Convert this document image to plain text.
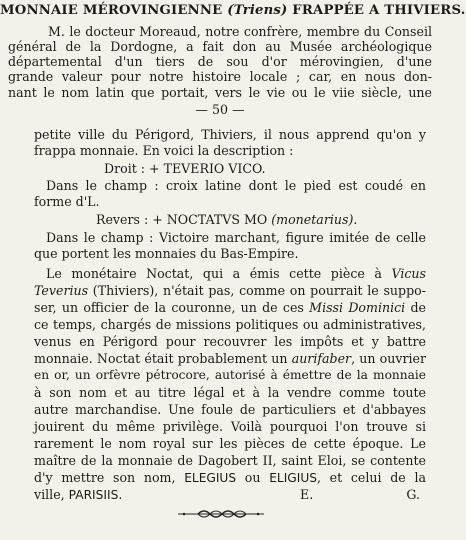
MONNAIE MÉROVINGIENNE (Triens) FRAPPÉE A THIVIERS.
M. le docteur Moreaud, notre confrère, membre du Conseil
général de la Dordogne, a fait don au Musée archéologique
départemental d'un tiers de sou d'or mérovingien, d'une
grande valeur pour notre histoire locale ; car, en nous don-
nant le nom latin que portait, vers le vie ou le viie siècle, une
— 50 —
petite ville du Périgord, Thiviers, il nous apprend qu'on y
frappa monnaie. En voici la description :
Droit : + TEVERIO VICO.
Dans le champ : croix latine dont le pied est coudé en
forme d'L.
Revers : + NOCTATVS MO (monetarius).
Dans le champ : Victoire marchant, figure imitée de celle
que portent les monnaies du Bas-Empire.
Le monétaire Noctat, qui a émis cette pièce à Vicus
Teverius (Thiviers), n'était pas, comme on pourrait le suppo-
ser, un officier de la couronne, un de ces Missi Dominici de
ce temps, chargés de missions politiques ou administratives,
venus en Périgord pour recouvrer les impôts et y battre
monnaie. Noctat était probablement un aurifaber, un ouvrier
en or, un orfèvre pétrocore, autorisé à émettre de la monnaie
à son nom et au titre légal et à la vendre comme toute
autre marchandise. Une foule de particuliers et d'abbayes
jouirent du même privilège. Voilà pourquoi l'on trouve si
rarement le nom royal sur les pièces de cette époque. Le
maître de la monnaie de Dagobert II, saint Eloi, se contente
d'y mettre son nom, ELEGIUS ou ELIGIUS, et celui de la
ville, PARISIIS.	E.	G.
